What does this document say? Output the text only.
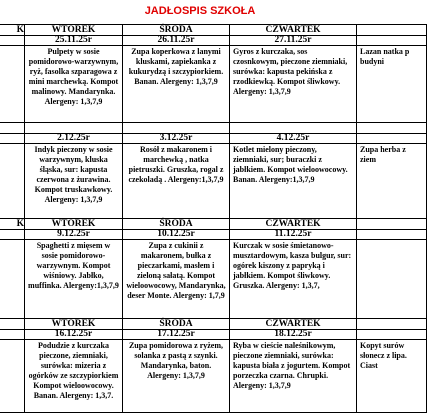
JADŁOSPIS SZKOŁA
K	WTOREK	ŚRODA	CZWARTEK	
	25.11.25r	26.11.25r	27.11.25r	

	Pulpety w sosie pomidorowo-warzywnym, ryż, fasolka szparagowa z mini marchewką. Kompot malinowy. Mandarynka. Alergeny: 1,3,7,9	Zupa koperkowa z lanymi kluskami, zapiekanka z kukurydzą i szczypiorkiem. Banan. Alergeny: 1,3,7,9	Gyros z kurczaka, sos czosnkowym, pieczone ziemniaki, surówka: kapusta pekińska z rzodkiewką. Kompot śliwkowy. Alergeny: 1,3,7,9	Lazan natka p budyni

	2.12.25r	3.12.25r	4.12.25r	

	Indyk pieczony w sosie warzywnym, kluska śląska, sur: kapusta czerwona z żurawina. Kompot truskawkowy. Alergeny: 1,3,7,9	Rosół z makaronem i marchewką , natka pietruszki. Gruszka, rogal z czekoladą . Alergeny:1,3,7,9	Kotlet mielony pieczony, ziemniaki, sur; buraczki z jabłkiem. Kompot wieloowocowy. Banan. Alergeny:1,3,7,9	Zupa herba z ziem

K	WTOREK	ŚRODA	CZWARTEK	
	9.12.25r	10.12.25r	11.12.25r	

	Spaghetti z mięsem w sosie pomidorowo-warzywnym. Kompot wiśniowy. Jabłko, muffinka. Alergeny:1,3,7,9	Zupa z cukinii z makaronem, bułka z pieczarkami, masłem i zieloną sałatą. Kompot wieloowocowy, Mandarynka, deser Monte. Alergeny: 1,7,9	Kurczak w sosie śmietanowo-musztardowym, kasza bulgur, sur: ogórek kiszony z papryką i jabłkiem. Kompot śliwkowy. Gruszka. Alergeny: 1,3,7,	

	WTOREK	ŚRODA	CZWARTEK	
	16.12.25r	17.12.25r	18.12.25r	

	Podudzie z kurczaka pieczone, ziemniaki, surówka: mizeria z ogórków ze szczypiorkiem Kompot wieloowocowy. Banan. Alergeny: 1,3,7.	Zupa pomidorowa z ryżem, solanka z pastą z szynki. Mandarynka, baton. Alergeny: 1,3,7,9	Ryba w cieście naleśnikowym, pieczone ziemniaki, surówka: kapusta biała z jogurtem. Kompot porzeczka czarna. Chrupki. Alergeny: 1,3,7,9	Kopyt surów słonecz z lipa. Ciast
